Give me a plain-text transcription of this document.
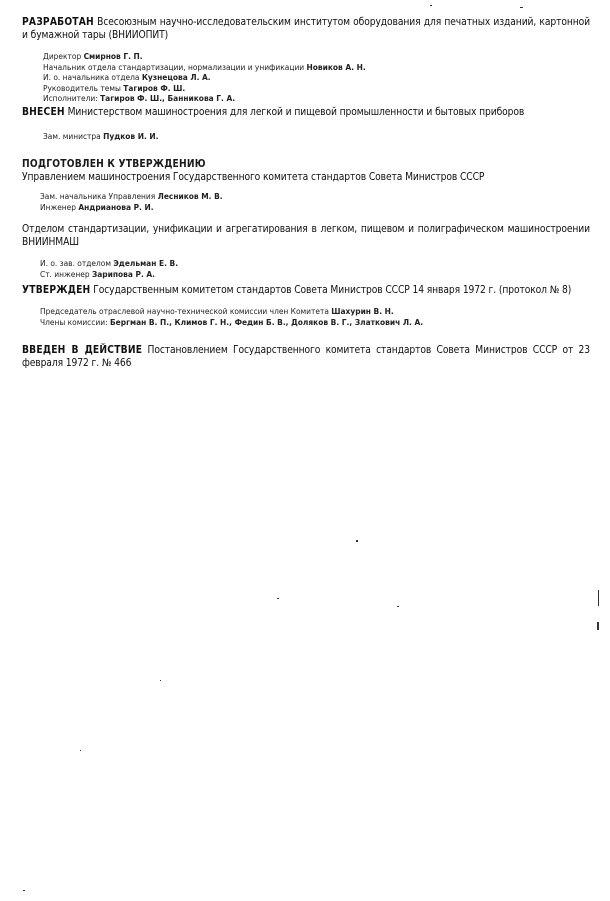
РАЗРАБОТАН Всесоюзным научно-исследовательским институтом оборудования для печатных изданий, картонной и бумажной тары (ВНИИОПИТ)

Директор Смирнов Г. П.

Начальник отдела стандартизации, нормализации и унификации Новиков А. Н.

И. о. начальника отдела Кузнецова Л. А.

Руководитель темы Тагиров Ф. Ш.

Исполнители: Тагиров Ф. Ш., Банникова Г. А.

ВНЕСЕН Министерством машиностроения для легкой и пищевой промышленности и бытовых приборов

Зам. министра Пудков И. И.

ПОДГОТОВЛЕН К УТВЕРЖДЕНИЮ

Управлением машиностроения Государственного комитета стандартов Совета Министров СССР

Зам. начальника Управления Лесников М. В.

Инженер Андрианова Р. И.

Отделом стандартизации, унификации и агрегатирования в легком, пищевом и полиграфическом машиностроении ВНИИНМАШ

И. о. зав. отделом Эдельман Е. В.

Ст. инженер Зарипова Р. А.

УТВЕРЖДЕН Государственным комитетом стандартов Совета Министров СССР 14 января 1972 г. (протокол № 8)

Председатель отраслевой научно-технической комиссии член Комитета Шахурин В. Н.

Члены комиссии: Бергман В. П., Климов Г. Н., Федин Б. В., Доляков В. Г., Златкович Л. А.

ВВЕДЕН В ДЕЙСТВИЕ Постановлением Государственного комитета стандартов Совета Министров СССР от 23 февраля 1972 г. № 466
